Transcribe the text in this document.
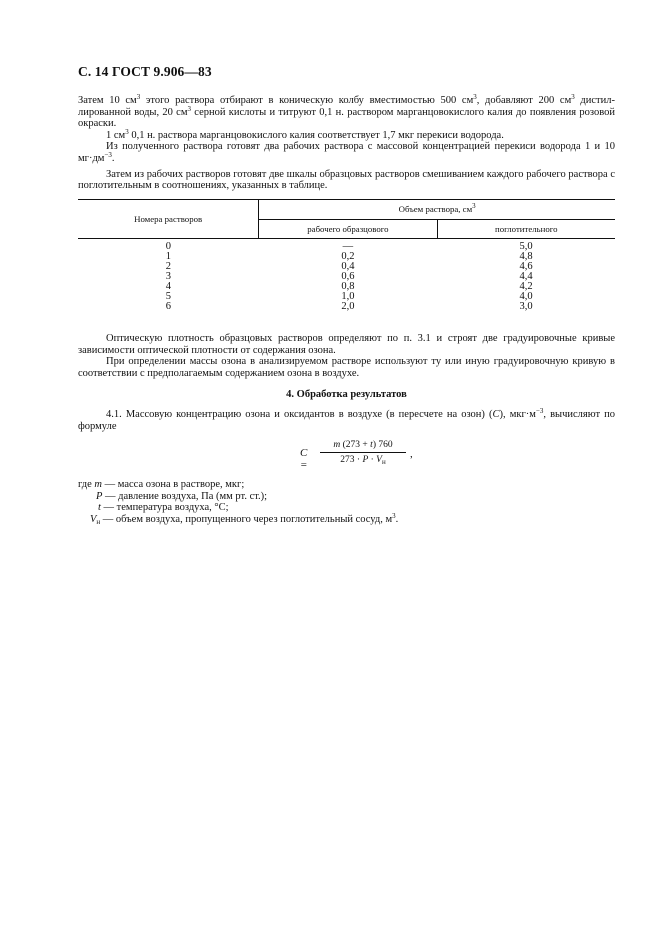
С. 14 ГОСТ 9.906—83

Затем 10 $см^3$ этого раствора отбирают в коническую колбу вместимостью 500 $см^3$, добавляют 200 $см^3$ дистил-лированной воды, 20 $см^3$ серной кислоты и титруют 0,1 н. раствором марганцовокислого калия до появления розовой окраски.

1 $см^3$ 0,1 н. раствора марганцовокислого калия соответствует 1,7 мкг перекиси водорода.

Из полученного раствора готовят два рабочих раствора с массовой концентрацией перекиси водорода 1 и 10 $мг\cdot дм^{-3}$.

Затем из рабочих растворов готовят две шкалы образцовых растворов смешиванием каждого рабочего раствора с поглотительным в соотношениях, указанных в таблице.

Номера растворов	Объем раствора, $см^3$
	рабочего образцового	поглотительного

0	—	5,0
1	0,2	4,8
2	0,4	4,6
3	0,6	4,4
4	0,8	4,2
5	1,0	4,0
6	2,0	3,0

Оптическую плотность образцовых растворов определяют по п. 3.1 и строят две градуировочные кривые зависимости оптической плотности от содержания озона.

При определении массы озона в анализируемом растворе используют ту или иную градуировочную кривую в соответствии с предполагаемым содержанием озона в воздухе.

4. Обработка результатов

4.1. Массовую концентрацию озона и оксидантов в воздухе (в пересчете на озон) (C), $мкг\cdot м^{-3}$, вычисляют по формуле

C =
m (273 + t) 760
$273 \cdot P \cdot V_н$
,

где m — масса озона в растворе, мкг;

P — давление воздуха, Па (мм рт. ст.);

t — температура воздуха, °С;

$V_н$ — объем воздуха, пропущенного через поглотительный сосуд, $м^3$.
